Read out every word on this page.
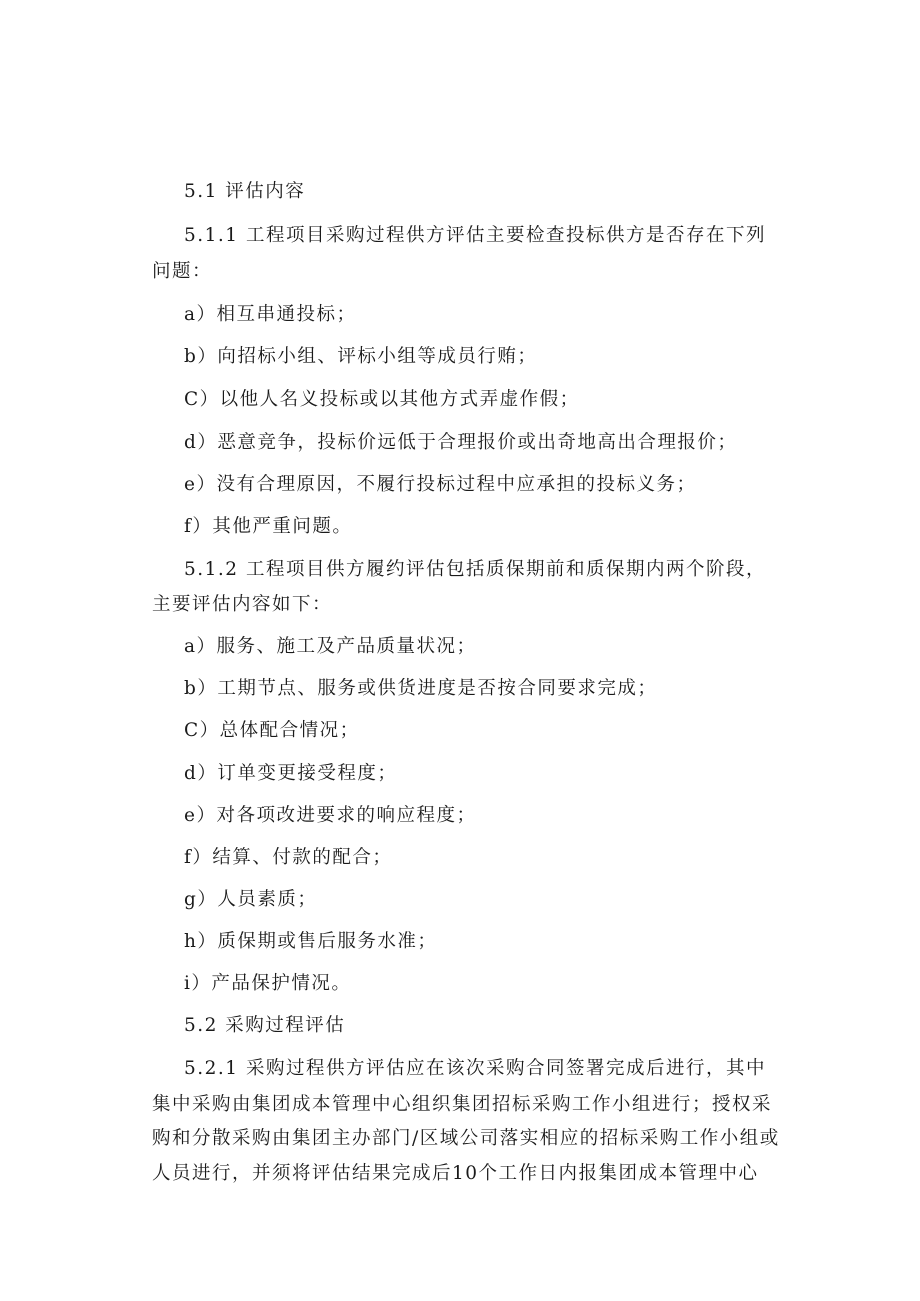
5.1 评估内容
5.1.1 工程项目采购过程供方评估主要检查投标供方是否存在下列
问题：
a）相互串通投标；
b）向招标小组、评标小组等成员行贿；
C）以他人名义投标或以其他方式弄虚作假；
d）恶意竞争，投标价远低于合理报价或出奇地高出合理报价；
e）没有合理原因，不履行投标过程中应承担的投标义务；
f）其他严重问题。
5.1.2 工程项目供方履约评估包括质保期前和质保期内两个阶段，
主要评估内容如下：
a）服务、施工及产品质量状况；
b）工期节点、服务或供货进度是否按合同要求完成；
C）总体配合情况；
d）订单变更接受程度；
e）对各项改进要求的响应程度；
f）结算、付款的配合；
g）人员素质；
h）质保期或售后服务水准；
i）产品保护情况。
5.2 采购过程评估
5.2.1 采购过程供方评估应在该次采购合同签署完成后进行，其中
集中采购由集团成本管理中心组织集团招标采购工作小组进行；授权采
购和分散采购由集团主办部门/区域公司落实相应的招标采购工作小组或
人员进行，并须将评估结果完成后10个工作日内报集团成本管理中心
